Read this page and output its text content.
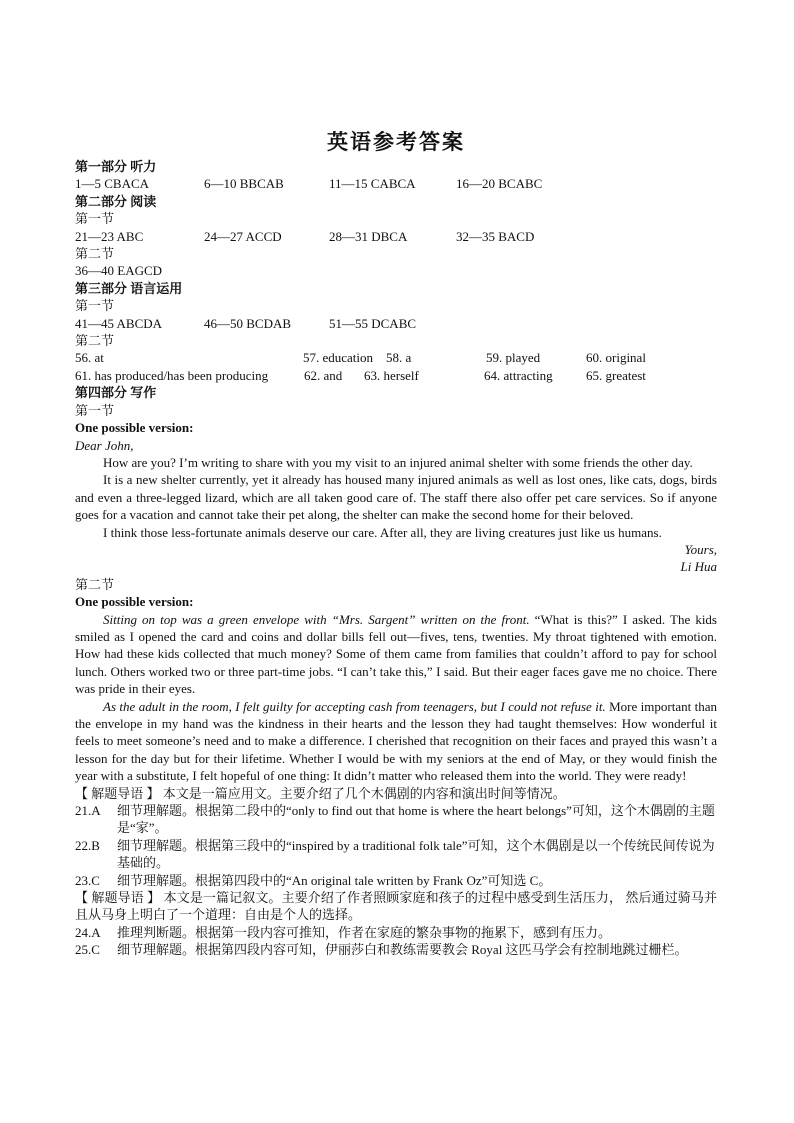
英语参考答案
第一部分 听力
1—5 CBACA	6—10 BBCAB	11—15 CABCA	16—20 BCABC
第二部分 阅读
第一节
21—23 ABC	24—27 ACCD	28—31 DBCA	32—35 BACD
第二节
36—40 EAGCD
第三部分 语言运用
第一节
41—45 ABCDA	46—50 BCDAB	51—55 DCABC
第二节
56. at	57. education 58. a	59. played	60. original
61. has produced/has been producing	62. and	63. herself	64. attracting	65. greatest
第四部分 写作
第一节
One possible version:
Dear John,

How are you? I’m writing to share with you my visit to an injured animal shelter with some friends the other day.

It is a new shelter currently, yet it already has housed many injured animals as well as lost ones, like cats, dogs, birds and even a three-legged lizard, which are all taken good care of. The staff there also offer pet care services. So if anyone goes for a vacation and cannot take their pet along, the shelter can make the second home for their beloved.

I think those less-fortunate animals deserve our care. After all, they are living creatures just like us humans.

Yours,
Li Hua
第二节
One possible version:

Sitting on top was a green envelope with “Mrs. Sargent” written on the front. “What is this?” I asked. The kids smiled as I opened the card and coins and dollar bills fell out—fives, tens, twenties. My throat tightened with emotion. How had these kids collected that much money? Some of them came from families that couldn’t afford to pay for school lunch. Others worked two or three part-time jobs. “I can’t take this,” I said. But their eager faces gave me no choice. There was pride in their eyes.

As the adult in the room, I felt guilty for accepting cash from teenagers, but I could not refuse it. More important than the envelope in my hand was the kindness in their hearts and the lesson they had taught themselves: How wonderful it feels to meet someone’s need and to make a difference. I cherished that recognition on their faces and prayed this wasn’t a lesson for the day but for their lifetime. Whether I would be with my seniors at the end of May, or they would finish the year with a substitute, I felt hopeful of one thing: It didn’t matter who released them into the world. They were ready!

【 解题导语 】 本文是一篇应用文。主要介绍了几个木偶剧的内容和演出时间等情况。
21.A	细节理解题。根据第二段中的“only to find out that home is where the heart belongs”可知，这个木偶剧的主题是“家”。
22.B	细节理解题。根据第三段中的“inspired by a traditional folk tale”可知，这个木偶剧是以一个传统民间传说为基础的。
23.C	细节理解题。根据第四段中的“An original tale written by Frank Oz”可知选 C。
【 解题导语 】 本文是一篇记叙文。主要介绍了作者照顾家庭和孩子的过程中感受到生活压力， 然后通过骑马并且从马身上明白了一个道理：自由是个人的选择。
24.A	推理判断题。根据第一段内容可推知，作者在家庭的繁杂事物的拖累下，感到有压力。
25.C	细节理解题。根据第四段内容可知，伊丽莎白和教练需要教会 Royal 这匹马学会有控制地跳过栅栏。
